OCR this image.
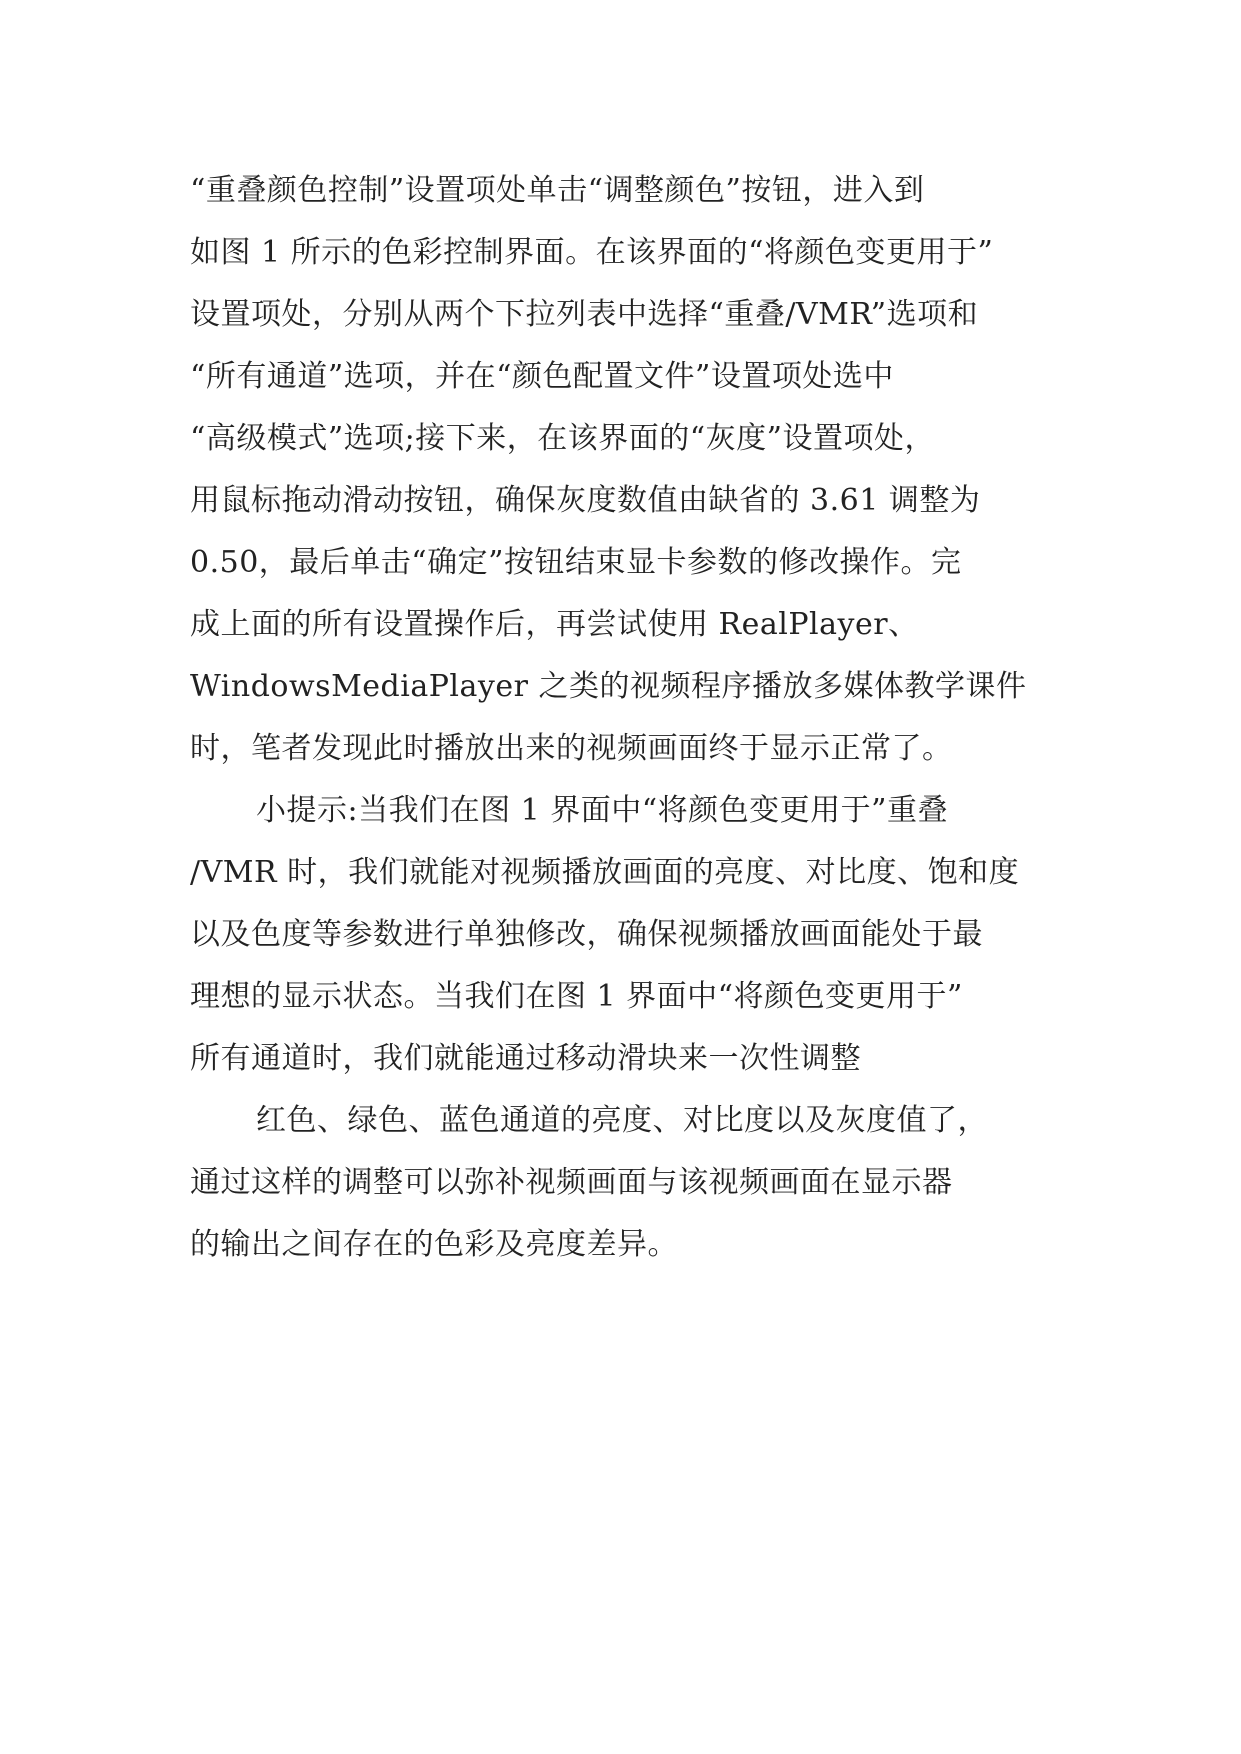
“重叠颜色控制”设置项处单击“调整颜色”按钮，进入到
如图 1 所示的色彩控制界面。在该界面的“将颜色变更用于”
设置项处，分别从两个下拉列表中选择“重叠/VMR”选项和
“所有通道”选项，并在“颜色配置文件”设置项处选中
“高级模式”选项;接下来，在该界面的“灰度”设置项处，
用鼠标拖动滑动按钮，确保灰度数值由缺省的 3.61 调整为
0.50，最后单击“确定”按钮结束显卡参数的修改操作。完
成上面的所有设置操作后，再尝试使用 RealPlayer、
WindowsMediaPlayer 之类的视频程序播放多媒体教学课件
时，笔者发现此时播放出来的视频画面终于显示正常了。
小提示:当我们在图 1 界面中“将颜色变更用于”重叠
/VMR 时，我们就能对视频播放画面的亮度、对比度、饱和度
以及色度等参数进行单独修改，确保视频播放画面能处于最
理想的显示状态。当我们在图 1 界面中“将颜色变更用于”
所有通道时，我们就能通过移动滑块来一次性调整
红色、绿色、蓝色通道的亮度、对比度以及灰度值了，
通过这样的调整可以弥补视频画面与该视频画面在显示器
的输出之间存在的色彩及亮度差异。
